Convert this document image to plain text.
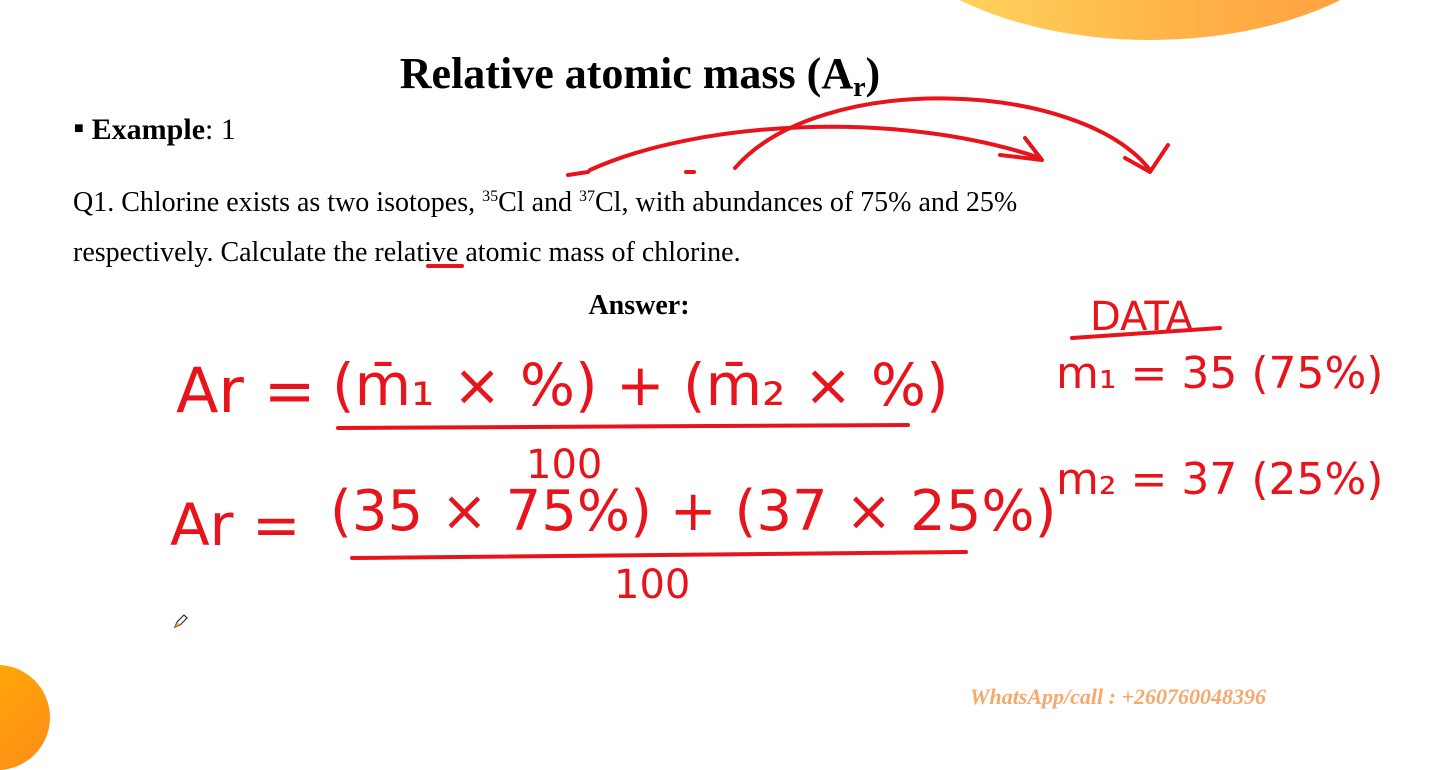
Relative atomic mass $(A_r)$
■ Example: 1
Q1. Chlorine exists as two isotopes, $^{35}$Cl and $^{37}$Cl, with abundances of 75% and 25%
respectively. Calculate the relative atomic mass of chlorine.
Answer:
Ar = (m̄₁ × %) + (m̄₂ × %)
100
Ar = (35 × 75%) + (37 × 25%)
100
DATA
m₁ = 35 (75%)
m₂ = 37 (25%)
WhatsApp/call : +260760048396
